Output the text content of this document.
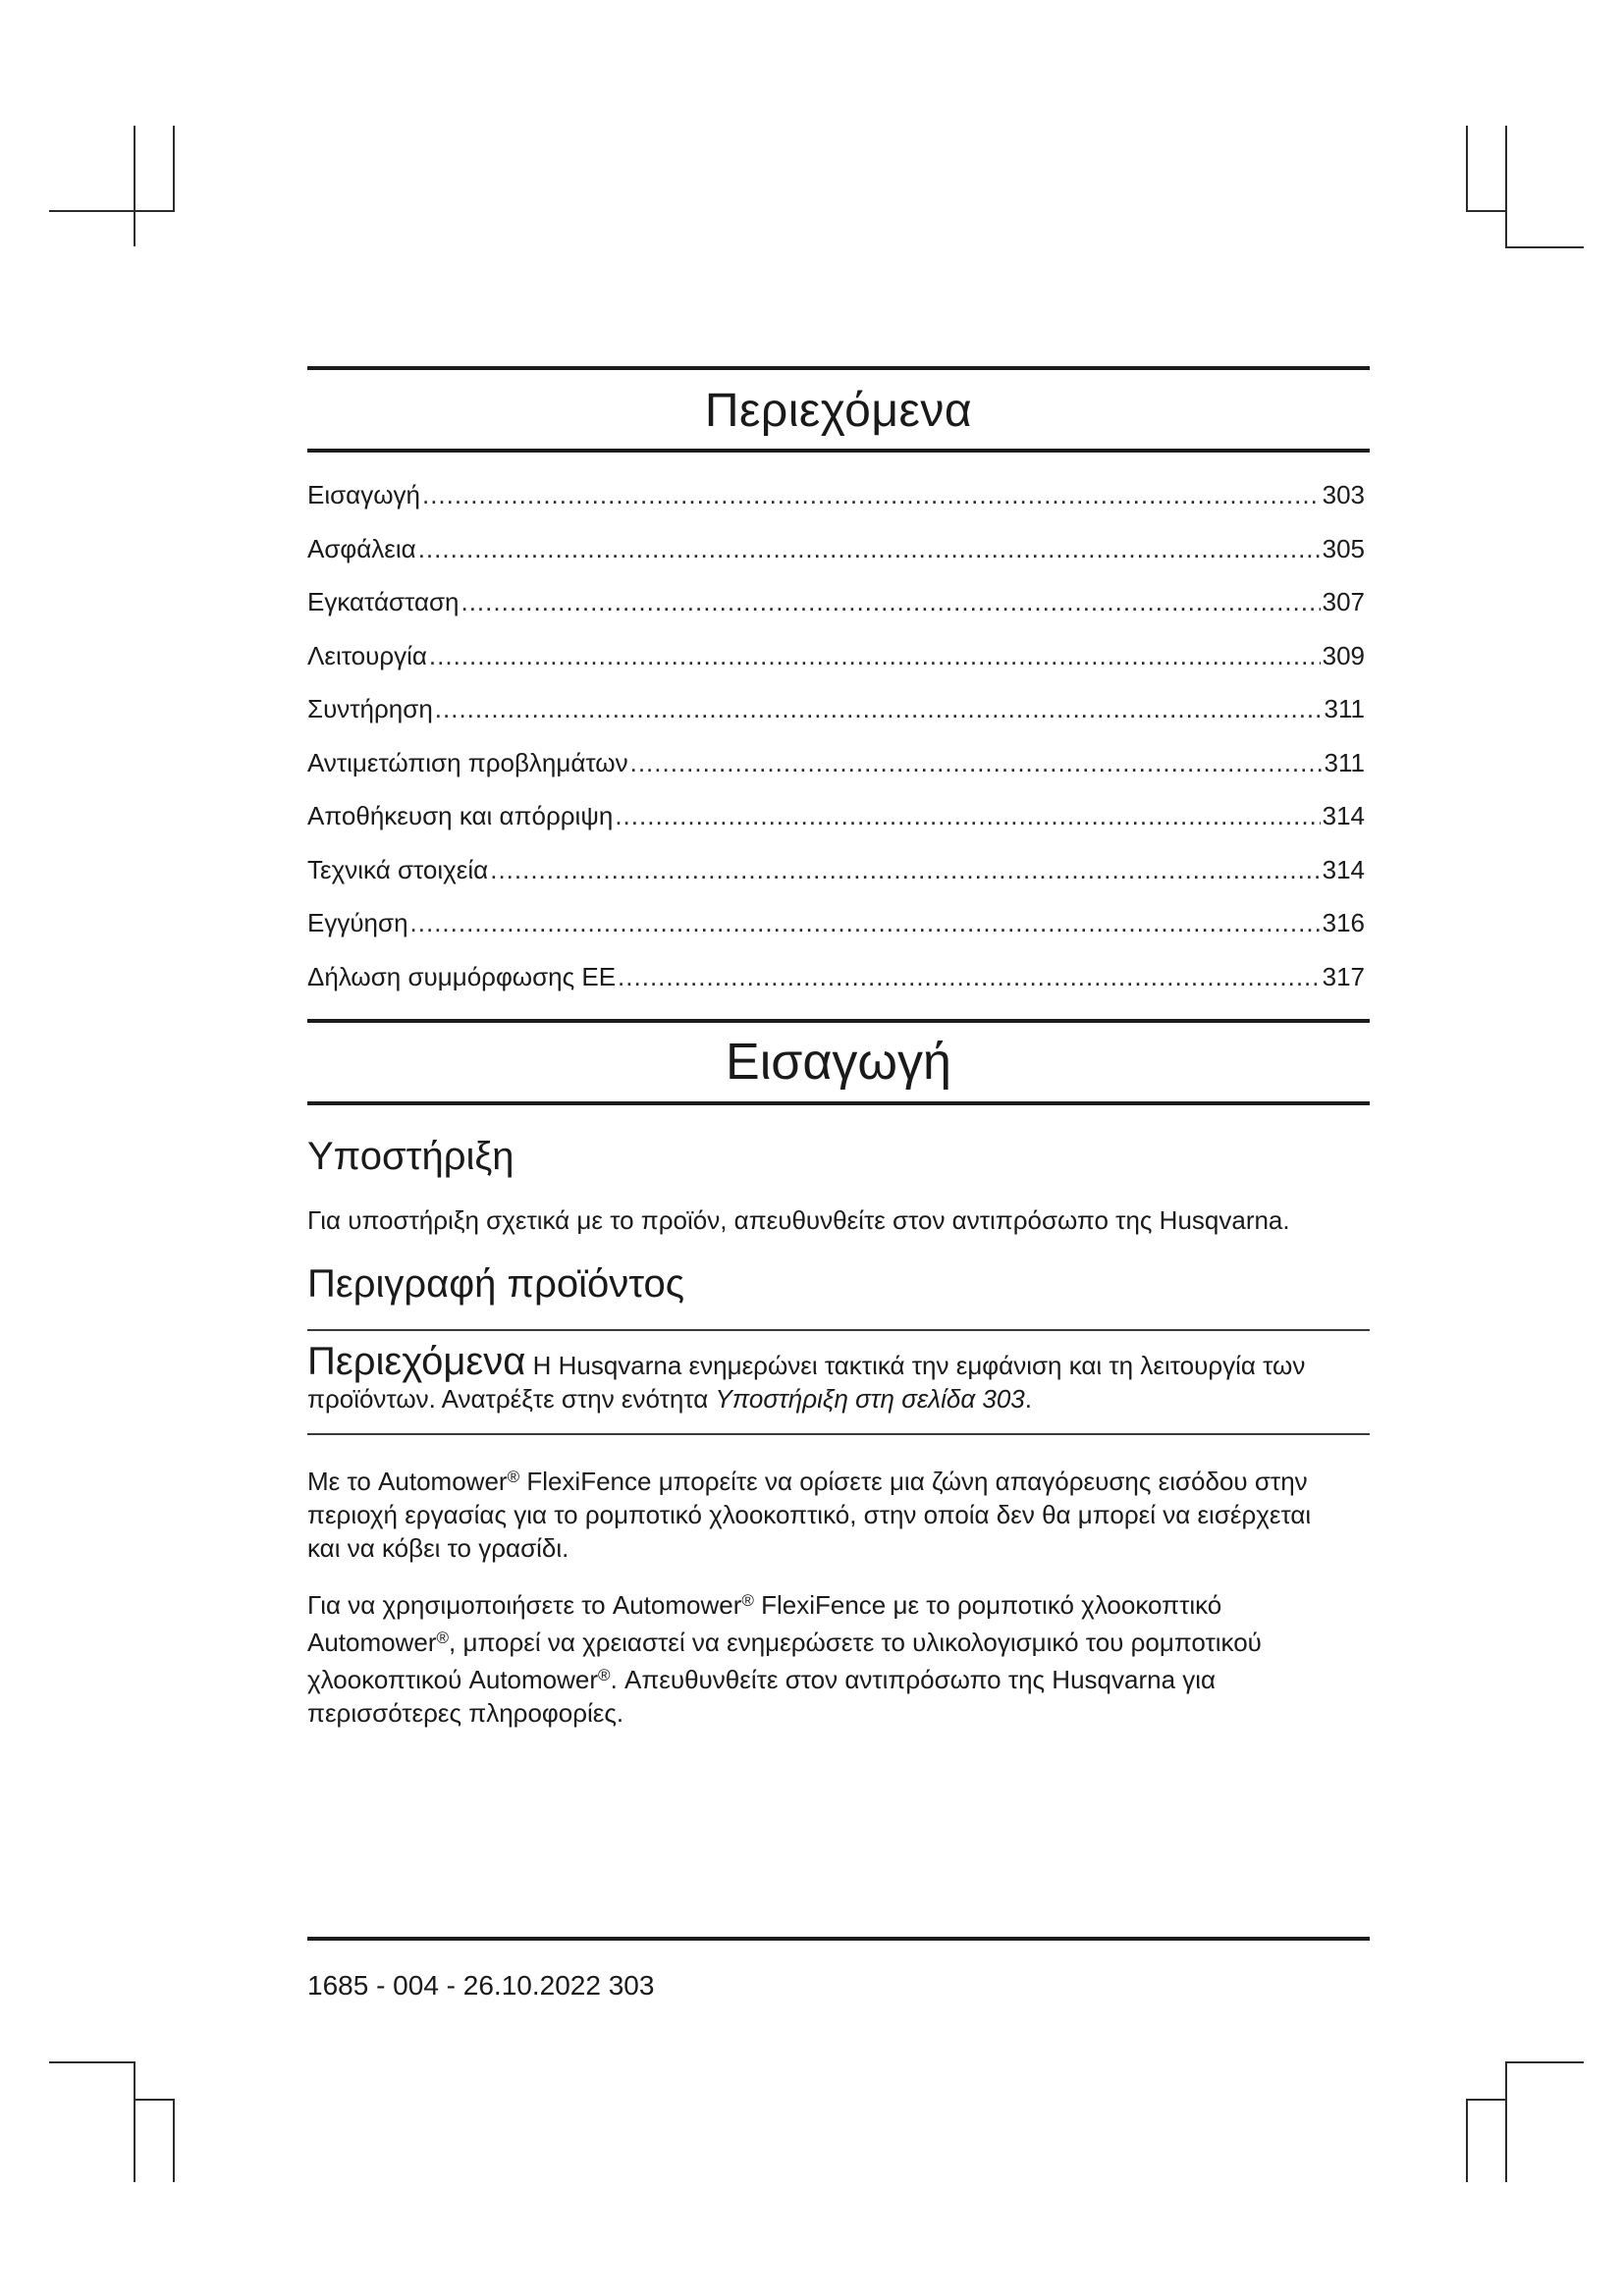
Περιεχόμενα
Εισαγωγή .....	303
Ασφάλεια .....	305
Εγκατάσταση .....	307
Λειτουργία .....	309
Συντήρηση .....	311
Αντιμετώπιση προβλημάτων .....	311
Αποθήκευση και απόρριψη .....	314
Τεχνικά στοιχεία .....	314
Εγγύηση .....	316
Δήλωση συμμόρφωσης ΕΕ .....	317
Εισαγωγή
Υποστήριξη

Για υποστήριξη σχετικά με το προϊόν, απευθυνθείτε στον αντιπρόσωπο της Husqvarna.

Περιγραφή προϊόντος

Περιεχόμενα Η Husqvarna ενημερώνει τακτικά την εμφάνιση και τη λειτουργία των προϊόντων. Ανατρέξτε στην ενότητα Υποστήριξη στη σελίδα 303.

Με το Automower® FlexiFence μπορείτε να ορίσετε μια ζώνη απαγόρευσης εισόδου στην περιοχή εργασίας για το ρομποτικό χλοοκοπτικό, στην οποία δεν θα μπορεί να εισέρχεται και να κόβει το γρασίδι.

Για να χρησιμοποιήσετε το Automower® FlexiFence με το ρομποτικό χλοοκοπτικό Automower®, μπορεί να χρειαστεί να ενημερώσετε το υλικολογισμικό του ρομποτικού χλοοκοπτικού Automower®. Απευθυνθείτε στον αντιπρόσωπο της Husqvarna για περισσότερες πληροφορίες.

1685 - 004 - 26.10.2022 303
